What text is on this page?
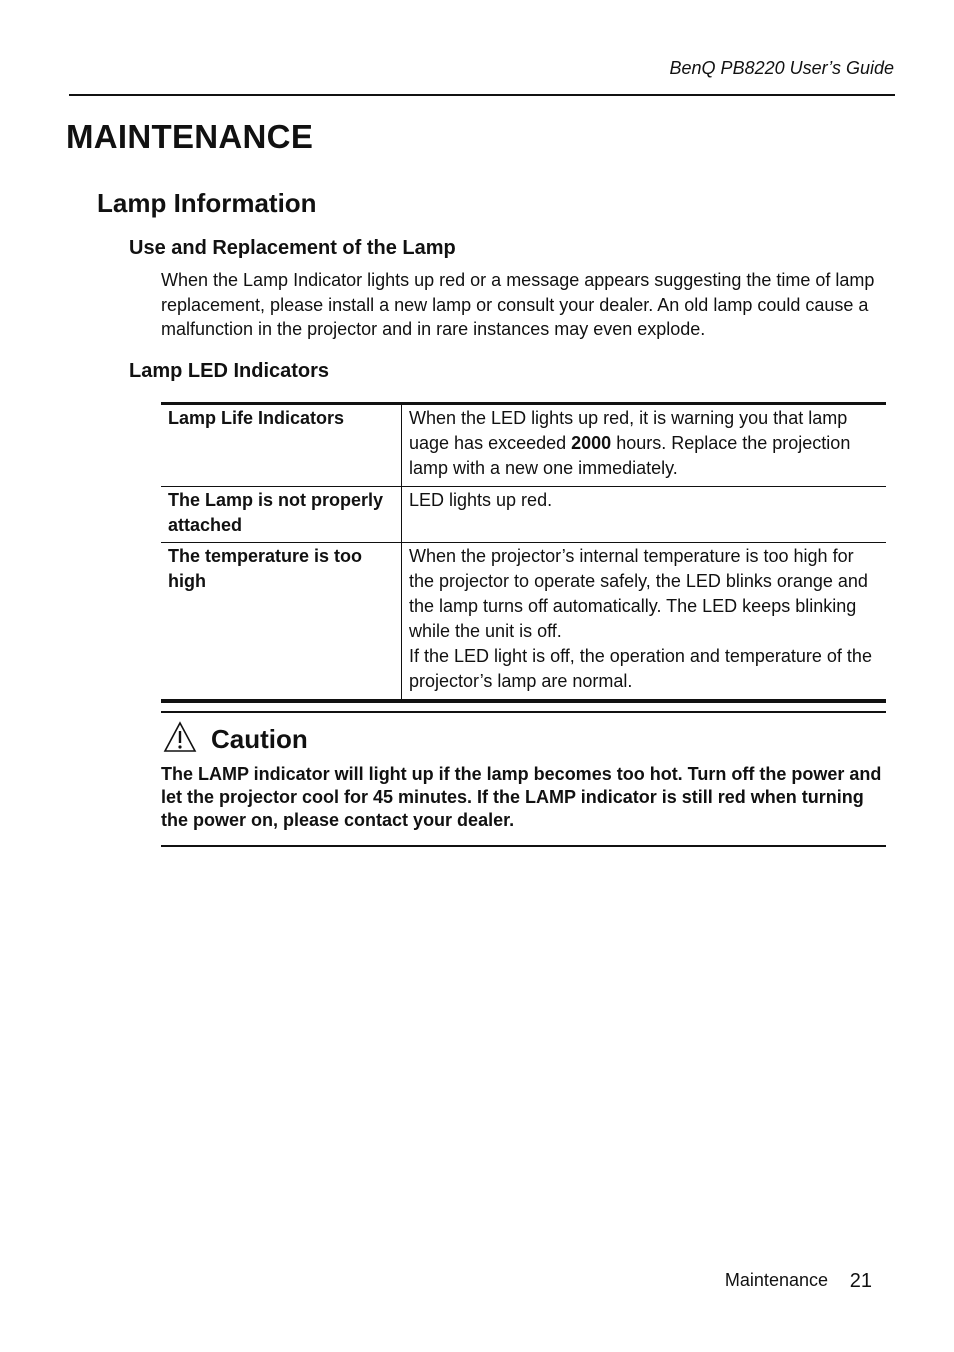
BenQ PB8220 User’s Guide
MAINTENANCE
Lamp Information
Use and Replacement of the Lamp
When the Lamp Indicator lights up red or a message appears suggesting the time of lamp replacement, please install a new lamp or consult your dealer. An old lamp could cause a malfunction in the projector and in rare instances may even explode.
Lamp LED Indicators
Lamp Life Indicators	When the LED lights up red, it is warning you that lamp uage has exceeded 2000 hours. Replace the projection lamp with a new one immediately.
The Lamp is not properly attached	LED lights up red.
The temperature is too high	When the projector’s internal temperature is too high for the projector to operate safely, the LED blinks orange and the lamp turns off automatically. The LED keeps blinking while the unit is off.
If the LED light is off, the operation and temperature of the projector’s lamp are normal.
Caution
The LAMP indicator will light up if the lamp becomes too hot. Turn off the power and let the projector cool for 45 minutes. If the LAMP indicator is still red when turning the power on, please contact your dealer.
Maintenance 21
